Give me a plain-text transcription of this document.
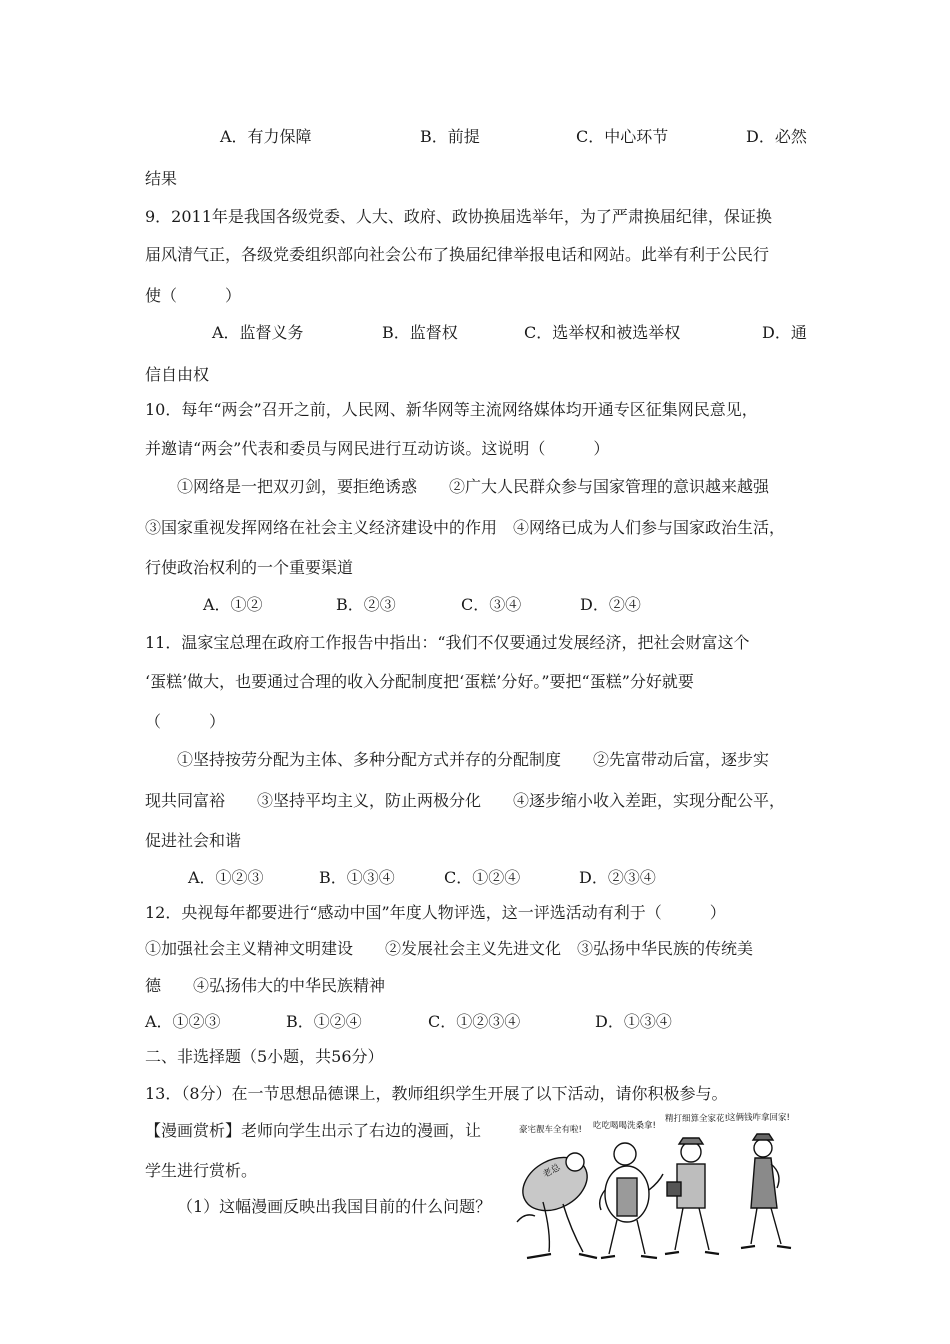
A．有力保障	B．前提	C．中心环节	D．必然
结果
9．2011年是我国各级党委、人大、政府、政协换届选举年，为了严肃换届纪律，保证换
届风清气正，各级党委组织部向社会公布了换届纪律举报电话和网站。此举有利于公民行
使（　　　）
A．监督义务	B．监督权	C．选举权和被选举权	D．通
信自由权
10．每年“两会”召开之前，人民网、新华网等主流网络媒体均开通专区征集网民意见，
并邀请“两会”代表和委员与网民进行互动访谈。这说明（　　　）
①网络是一把双刃剑，要拒绝诱惑　　②广大人民群众参与国家管理的意识越来越强
③国家重视发挥网络在社会主义经济建设中的作用　④网络已成为人们参与国家政治生活，
行使政治权利的一个重要渠道
A．①②	B．②③	C．③④	D．②④
11．温家宝总理在政府工作报告中指出：“我们不仅要通过发展经济，把社会财富这个
‘蛋糕’做大，也要通过合理的收入分配制度把‘蛋糕’分好。”要把“蛋糕”分好就要
（　　　）
①坚持按劳分配为主体、多种分配方式并存的分配制度　　②先富带动后富，逐步实
现共同富裕　　③坚持平均主义，防止两极分化　　④逐步缩小收入差距，实现分配公平，
促进社会和谐
A．①②③	B．①③④	C．①②④	D．②③④
12．央视每年都要进行“感动中国”年度人物评选，这一评选活动有利于（　　　）
①加强社会主义精神文明建设　　②发展社会主义先进文化　③弘扬中华民族的传统美
德　　④弘扬伟大的中华民族精神
A．①②③	B．①②④	C．①②③④	D．①③④
二、非选择题（5小题，共56分）
13．（8分）在一节思想品德课上，教师组织学生开展了以下活动，请你积极参与。
【漫画赏析】老师向学生出示了右边的漫画，让
学生进行赏析。
（1）这幅漫画反映出我国目前的什么问题？
豪宅靓车全有啦! 吃吃喝喝洗桑拿!
精打细算全家花! 这俩钱咋拿回家!
老总
